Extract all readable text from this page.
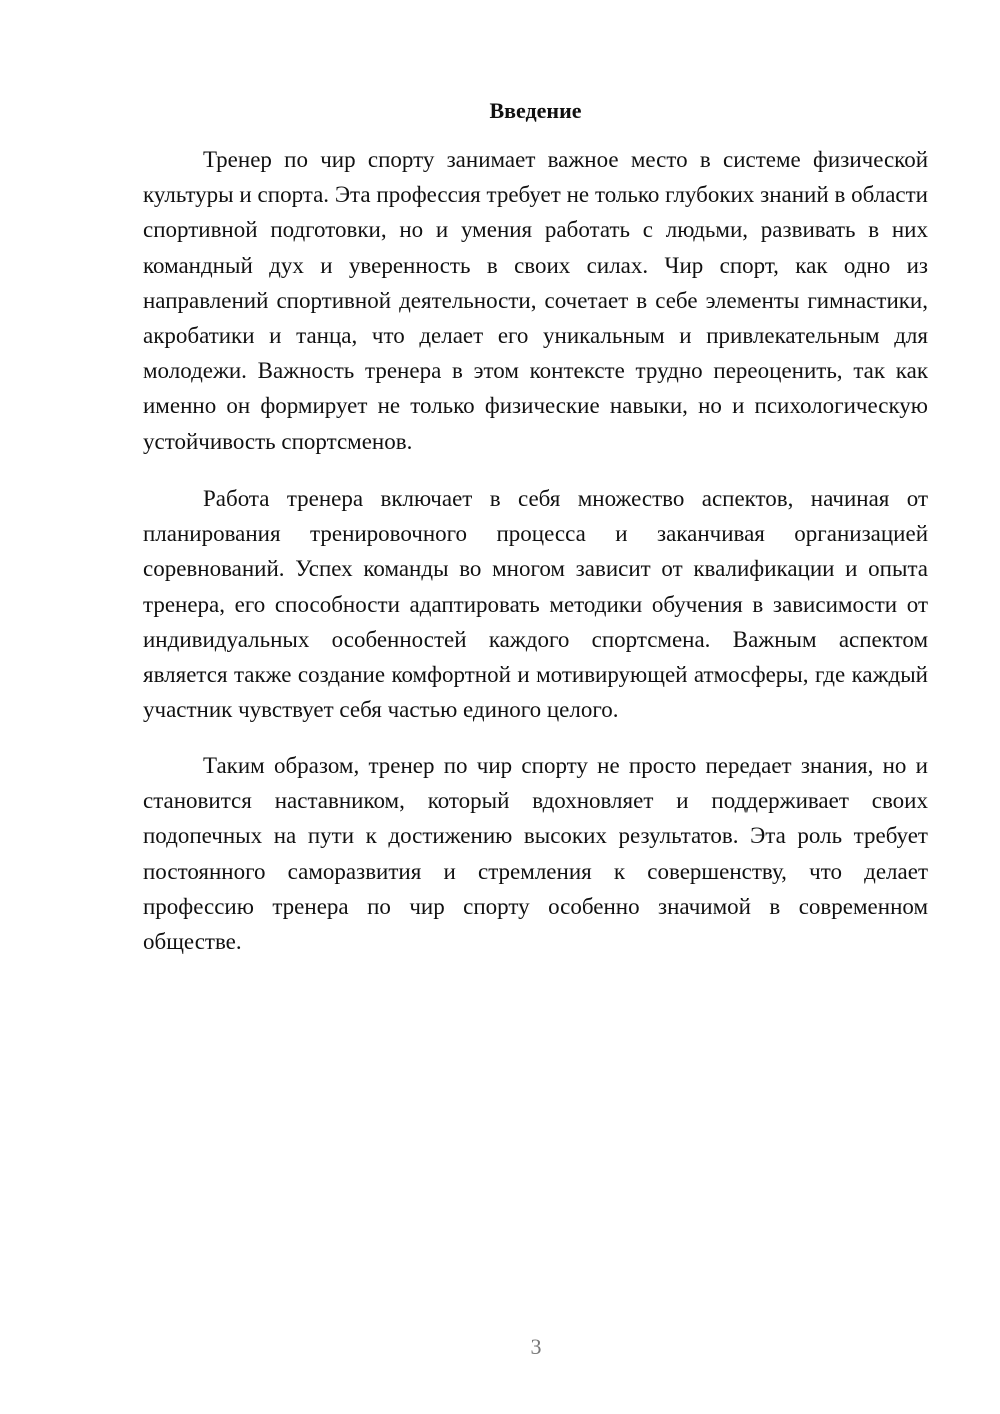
Введение

Тренер по чир спорту занимает важное место в системе физической культуры и спорта. Эта профессия требует не только глубоких знаний в области спортивной подготовки, но и умения работать с людьми, развивать в них командный дух и уверенность в своих силах. Чир спорт, как одно из направлений спортивной деятельности, сочетает в себе элементы гимнастики, акробатики и танца, что делает его уникальным и привлекательным для молодежи. Важность тренера в этом контексте трудно переоценить, так как именно он формирует не только физические навыки, но и психологическую устойчивость спортсменов.

Работа тренера включает в себя множество аспектов, начиная от планирования тренировочного процесса и заканчивая организацией соревнований. Успех команды во многом зависит от квалификации и опыта тренера, его способности адаптировать методики обучения в зависимости от индивидуальных особенностей каждого спортсмена. Важным аспектом является также создание комфортной и мотивирующей атмосферы, где каждый участник чувствует себя частью единого целого.

Таким образом, тренер по чир спорту не просто передает знания, но и становится наставником, который вдохновляет и поддерживает своих подопечных на пути к достижению высоких результатов. Эта роль требует постоянного саморазвития и стремления к совершенству, что делает профессию тренера по чир спорту особенно значимой в современном обществе.

3
